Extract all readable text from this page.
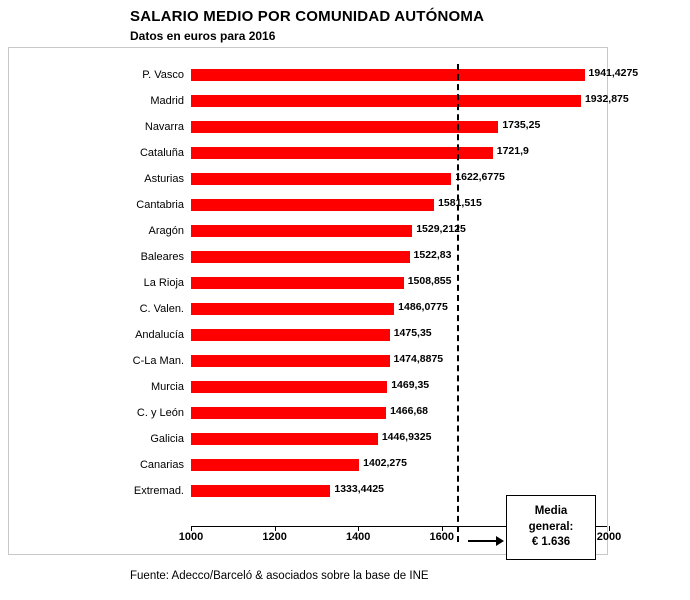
SALARIO MEDIO POR COMUNIDAD AUTÓNOMA
Datos en euros para 2016
P. Vasco	1941,4275
Madrid	1932,875
Navarra	1735,25
Cataluña	1721,9
Asturias	1622,6775
Cantabria	1581,515
Aragón	1529,2125
Baleares	1522,83
La Rioja	1508,855
C. Valen.	1486,0775
Andalucía	1475,35
C-La Man.	1474,8875
Murcia	1469,35
C. y León	1466,68
Galicia	1446,9325
Canarias	1402,275
Extremad.	1333,4425
1000	1200	1400	1600	2000
Media
general:
€ 1.636
Fuente: Adecco/Barceló & asociados sobre la base de INE
